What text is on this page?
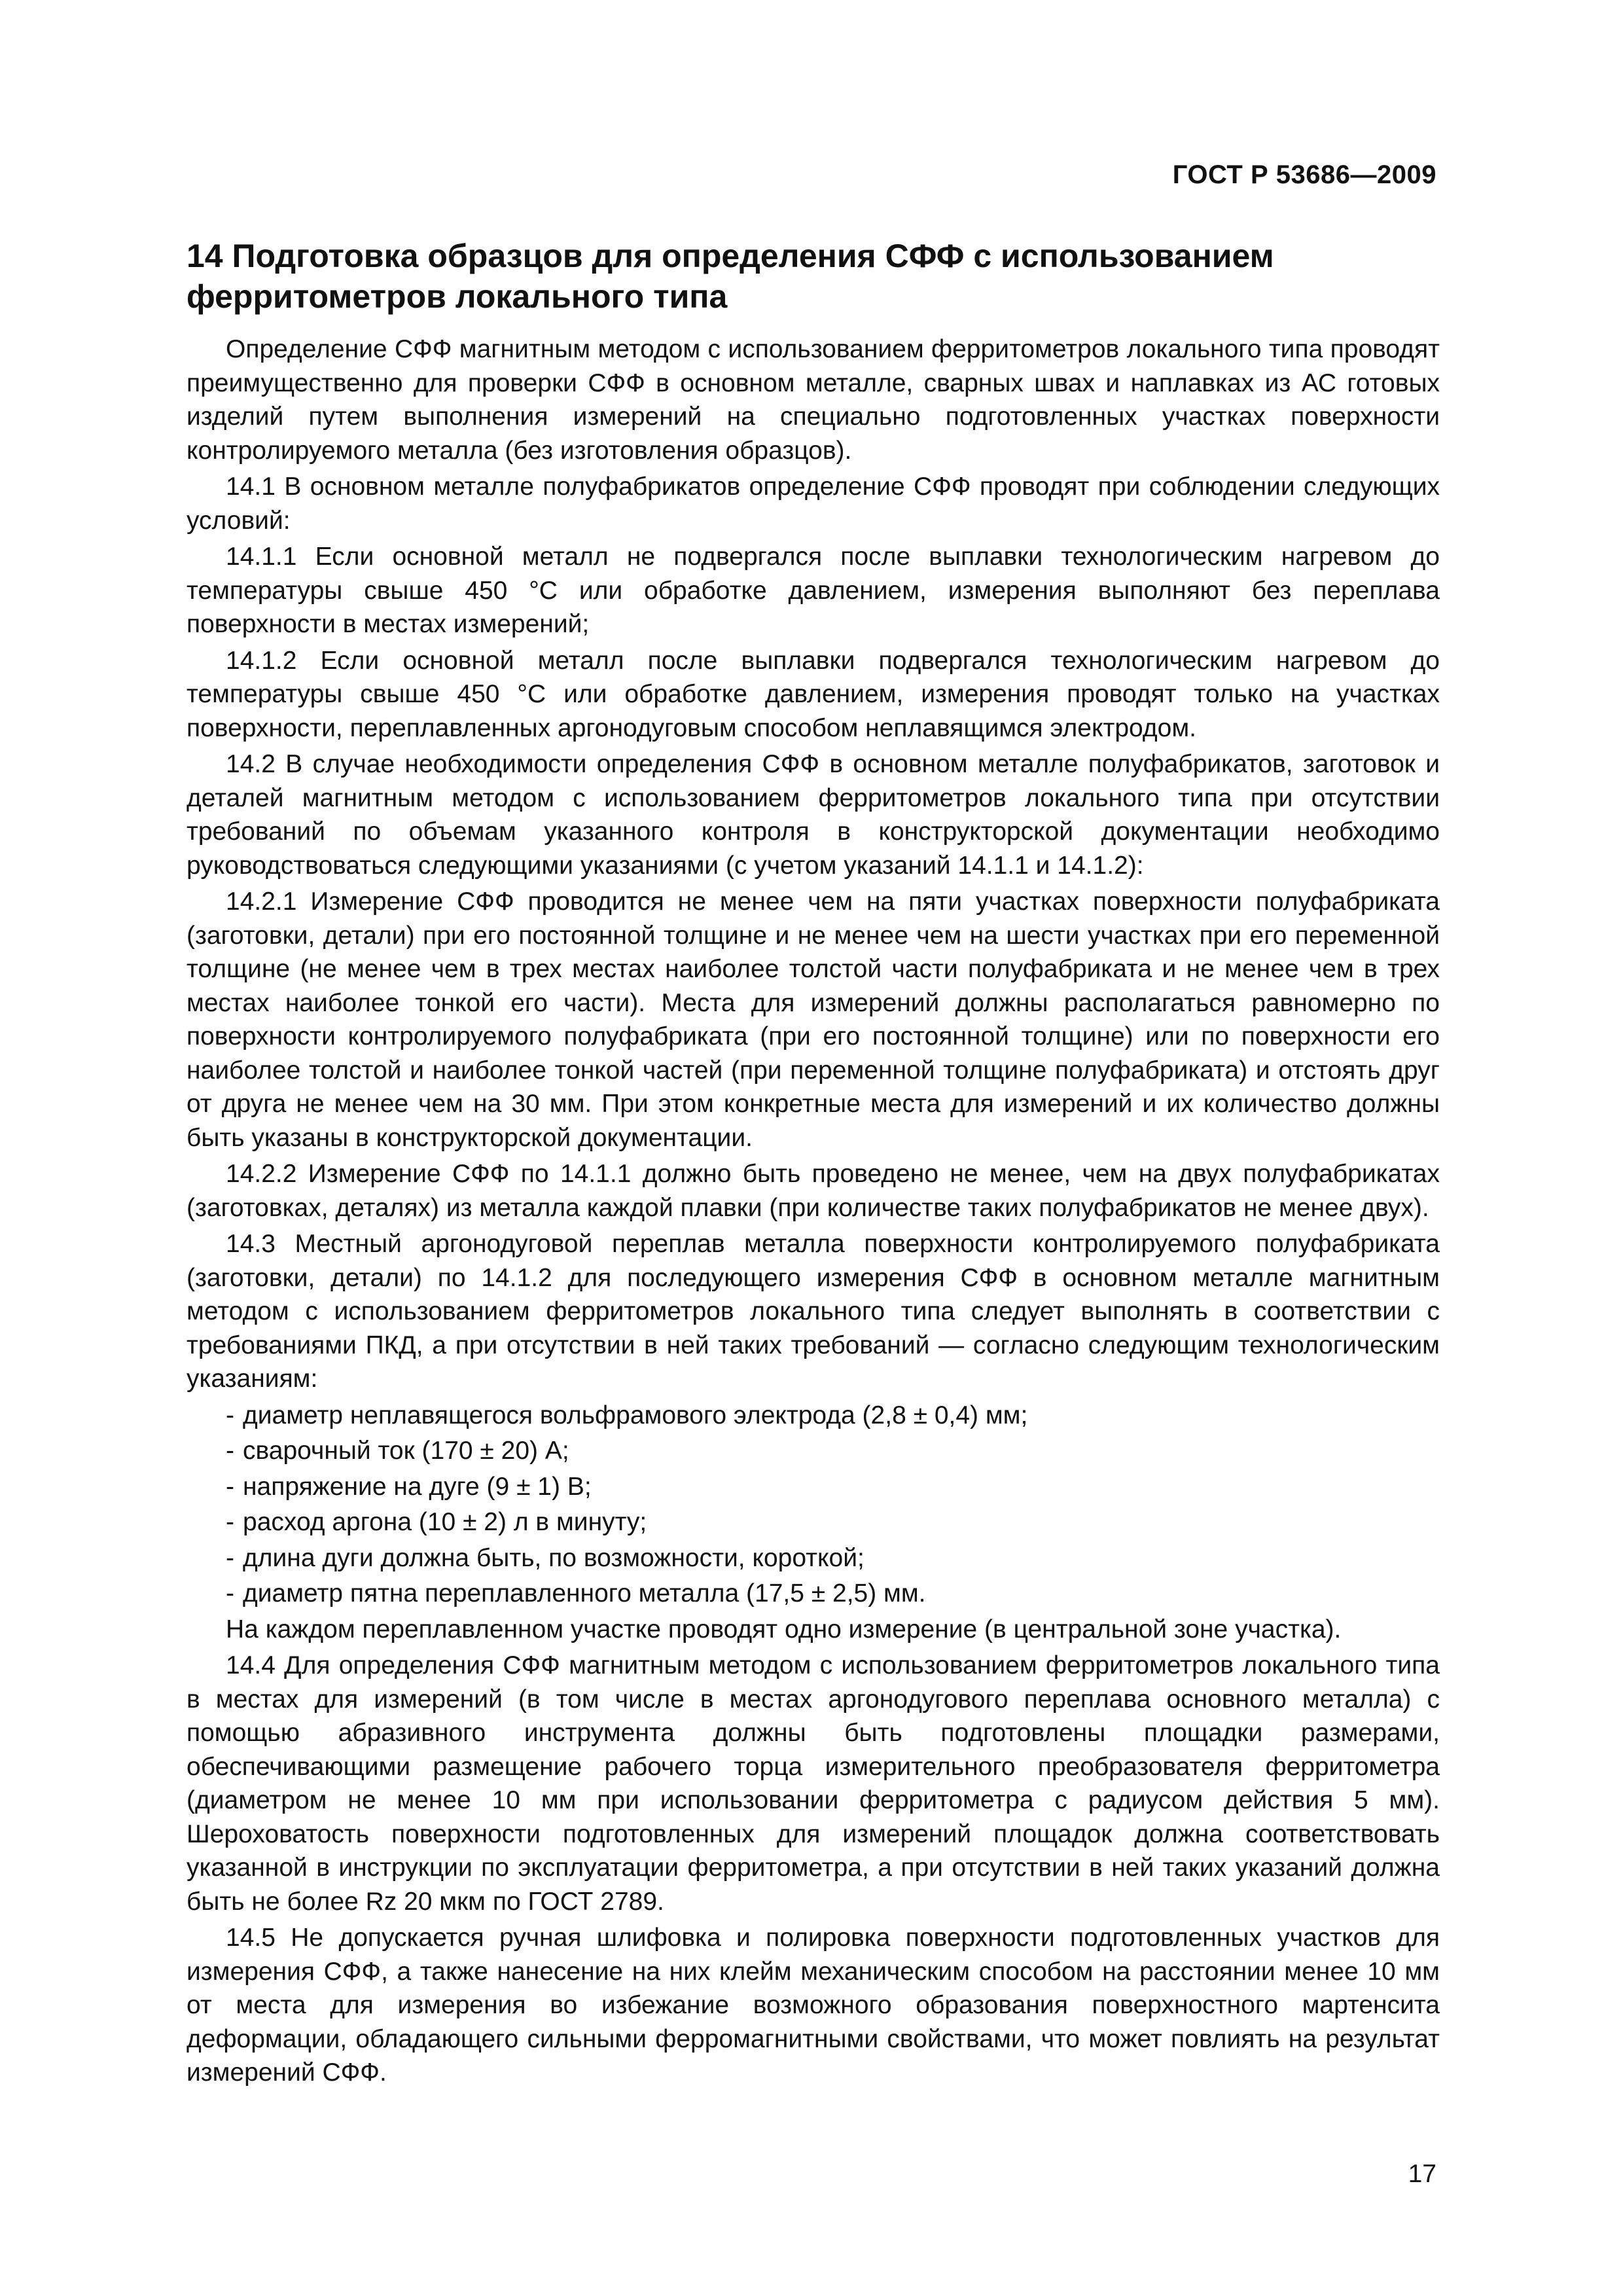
ГОСТ Р 53686—2009
14 Подготовка образцов для определения СФФ с использованием ферритометров локального типа

Определение СФФ магнитным методом с использованием ферритометров локального типа проводят преимущественно для проверки СФФ в основном металле, сварных швах и наплавках из АС готовых изделий путем выполнения измерений на специально подготовленных участках поверхности контролируемого металла (без изготовления образцов).

14.1 В основном металле полуфабрикатов определение СФФ проводят при соблюдении следующих условий:

14.1.1 Если основной металл не подвергался после выплавки технологическим нагревом до температуры свыше 450 °С или обработке давлением, измерения выполняют без переплава поверхности в местах измерений;

14.1.2 Если основной металл после выплавки подвергался технологическим нагревом до температуры свыше 450 °С или обработке давлением, измерения проводят только на участках поверхности, переплавленных аргонодуговым способом неплавящимся электродом.

14.2 В случае необходимости определения СФФ в основном металле полуфабрикатов, заготовок и деталей магнитным методом с использованием ферритометров локального типа при отсутствии требований по объемам указанного контроля в конструкторской документации необходимо руководствоваться следующими указаниями (с учетом указаний 14.1.1 и 14.1.2):

14.2.1 Измерение СФФ проводится не менее чем на пяти участках поверхности полуфабриката (заготовки, детали) при его постоянной толщине и не менее чем на шести участках при его переменной толщине (не менее чем в трех местах наиболее толстой части полуфабриката и не менее чем в трех местах наиболее тонкой его части). Места для измерений должны располагаться равномерно по поверхности контролируемого полуфабриката (при его постоянной толщине) или по поверхности его наиболее толстой и наиболее тонкой частей (при переменной толщине полуфабриката) и отстоять друг от друга не менее чем на 30 мм. При этом конкретные места для измерений и их количество должны быть указаны в конструкторской документации.

14.2.2 Измерение СФФ по 14.1.1 должно быть проведено не менее, чем на двух полуфабрикатах (заготовках, деталях) из металла каждой плавки (при количестве таких полуфабрикатов не менее двух).

14.3 Местный аргонодуговой переплав металла поверхности контролируемого полуфабриката (заготовки, детали) по 14.1.2 для последующего измерения СФФ в основном металле магнитным методом с использованием ферритометров локального типа следует выполнять в соответствии с требованиями ПКД, а при отсутствии в ней таких требований — согласно следующим технологическим указаниям:

- диаметр неплавящегося вольфрамового электрода (2,8 ± 0,4) мм;
- сварочный ток (170 ± 20) А;
- напряжение на дуге (9 ± 1) В;
- расход аргона (10 ± 2) л в минуту;
- длина дуги должна быть, по возможности, короткой;
- диаметр пятна переплавленного металла (17,5 ± 2,5) мм.

На каждом переплавленном участке проводят одно измерение (в центральной зоне участка).

14.4 Для определения СФФ магнитным методом с использованием ферритометров локального типа в местах для измерений (в том числе в местах аргонодугового переплава основного металла) с помощью абразивного инструмента должны быть подготовлены площадки размерами, обеспечивающими размещение рабочего торца измерительного преобразователя ферритометра (диаметром не менее 10 мм при использовании ферритометра с радиусом действия 5 мм). Шероховатость поверхности подготовленных для измерений площадок должна соответствовать указанной в инструкции по эксплуатации ферритометра, а при отсутствии в ней таких указаний должна быть не более Rz 20 мкм по ГОСТ 2789.

14.5 Не допускается ручная шлифовка и полировка поверхности подготовленных участков для измерения СФФ, а также нанесение на них клейм механическим способом на расстоянии менее 10 мм от места для измерения во избежание возможного образования поверхностного мартенсита деформации, обладающего сильными ферромагнитными свойствами, что может повлиять на результат измерений СФФ.

17
